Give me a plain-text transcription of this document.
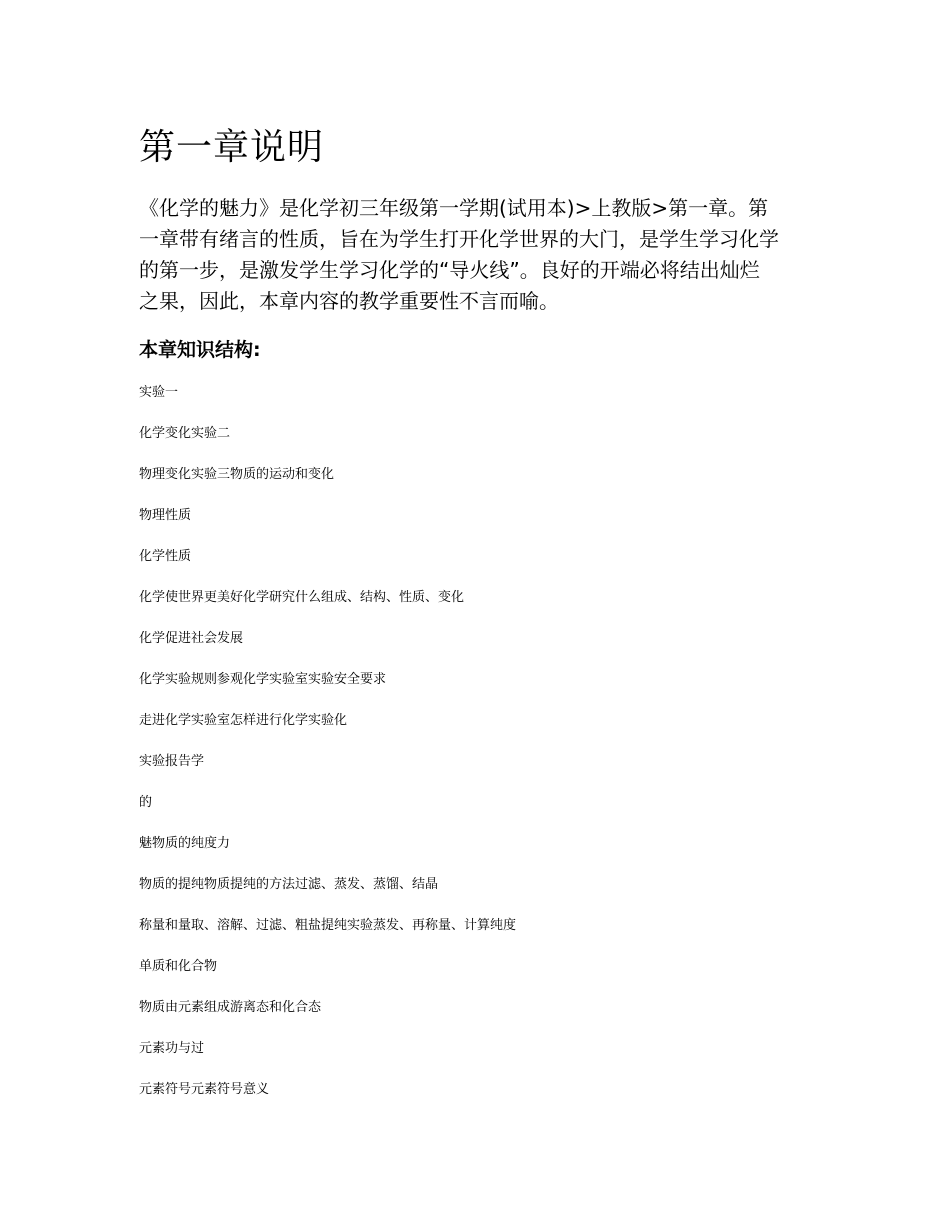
第一章说明

《化学的魅力》是化学初三年级第一学期(试用本)>上教版>第一章。第
一章带有绪言的性质，旨在为学生打开化学世界的大门，是学生学习化学
的第一步，是激发学生学习化学的“导火线”。良好的开端必将结出灿烂
之果，因此，本章内容的教学重要性不言而喻。

本章知识结构:
实验一
化学变化实验二
物理变化实验三物质的运动和变化
物理性质
化学性质
化学使世界更美好化学研究什么组成、结构、性质、变化
化学促进社会发展
化学实验规则参观化学实验室实验安全要求
走进化学实验室怎样进行化学实验化
实验报告学
的
魅物质的纯度力
物质的提纯物质提纯的方法过滤、蒸发、蒸馏、结晶
称量和量取、溶解、过滤、粗盐提纯实验蒸发、再称量、计算纯度
单质和化合物
物质由元素组成游离态和化合态
元素功与过
元素符号元素符号意义
